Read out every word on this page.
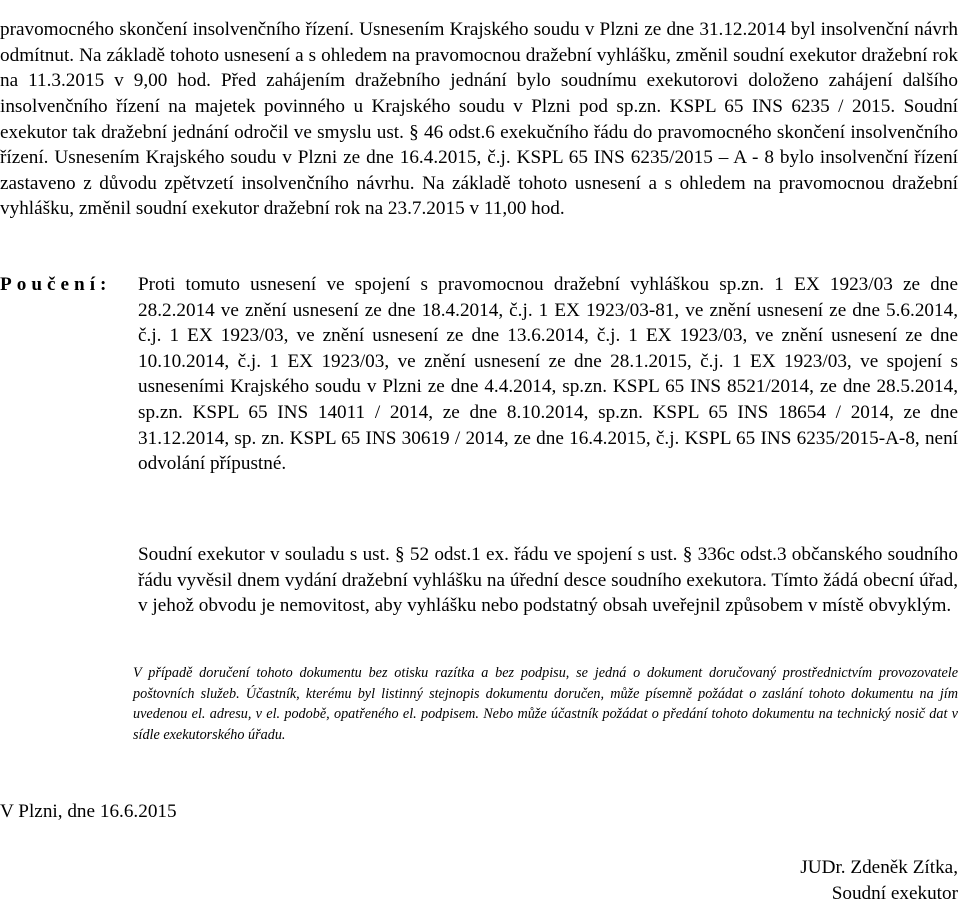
pravomocného skončení insolvenčního řízení. Usnesením Krajského soudu v Plzni ze dne 31.12.2014 byl insolvenční návrh odmítnut. Na základě tohoto usnesení a s ohledem na pravomocnou dražební vyhlášku, změnil soudní exekutor dražební rok na 11.3.2015 v 9,00 hod. Před zahájením dražebního jednání bylo soudnímu exekutorovi doloženo zahájení dalšího insolvenčního řízení na majetek povinného u Krajského soudu v Plzni pod sp.zn. KSPL 65 INS 6235 / 2015. Soudní exekutor tak dražební jednání odročil ve smyslu ust. § 46 odst.6 exekučního řádu do pravomocného skončení insolvenčního řízení. Usnesením Krajského soudu v Plzni ze dne 16.4.2015, č.j. KSPL 65 INS 6235/2015 – A - 8 bylo insolvenční řízení zastaveno z důvodu zpětvzetí insolvenčního návrhu. Na základě tohoto usnesení a s ohledem na pravomocnou dražební vyhlášku, změnil soudní exekutor dražební rok na 23.7.2015 v 11,00 hod.

Poučení: Proti tomuto usnesení ve spojení s pravomocnou dražební vyhláškou sp.zn. 1 EX 1923/03 ze dne 28.2.2014 ve znění usnesení ze dne 18.4.2014, č.j. 1 EX 1923/03-81, ve znění usnesení ze dne 5.6.2014, č.j. 1 EX 1923/03, ve znění usnesení ze dne 13.6.2014, č.j. 1 EX 1923/03, ve znění usnesení ze dne 10.10.2014, č.j. 1 EX 1923/03, ve znění usnesení ze dne 28.1.2015, č.j. 1 EX 1923/03, ve spojení s usneseními Krajského soudu v Plzni ze dne 4.4.2014, sp.zn. KSPL 65 INS 8521/2014, ze dne 28.5.2014, sp.zn. KSPL 65 INS 14011 / 2014, ze dne 8.10.2014, sp.zn. KSPL 65 INS 18654 / 2014, ze dne 31.12.2014, sp. zn. KSPL 65 INS 30619 / 2014, ze dne 16.4.2015, č.j. KSPL 65 INS 6235/2015-A-8, není odvolání přípustné.
Soudní exekutor v souladu s ust. § 52 odst.1 ex. řádu ve spojení s ust. § 336c odst.3 občanského soudního řádu vyvěsil dnem vydání dražební vyhlášku na úřední desce soudního exekutora. Tímto žádá obecní úřad, v jehož obvodu je nemovitost, aby vyhlášku nebo podstatný obsah uveřejnil způsobem v místě obvyklým.
V případě doručení tohoto dokumentu bez otisku razítka a bez podpisu, se jedná o dokument doručovaný prostřednictvím provozovatele poštovních služeb. Účastník, kterému byl listinný stejnopis dokumentu doručen, může písemně požádat o zaslání tohoto dokumentu na jím uvedenou el. adresu, v el. podobě, opatřeného el. podpisem. Nebo může účastník požádat o předání tohoto dokumentu na technický nosič dat v sídle exekutorského úřadu.
V Plzni, dne 16.6.2015
JUDr. Zdeněk Zítka,
Soudní exekutor
